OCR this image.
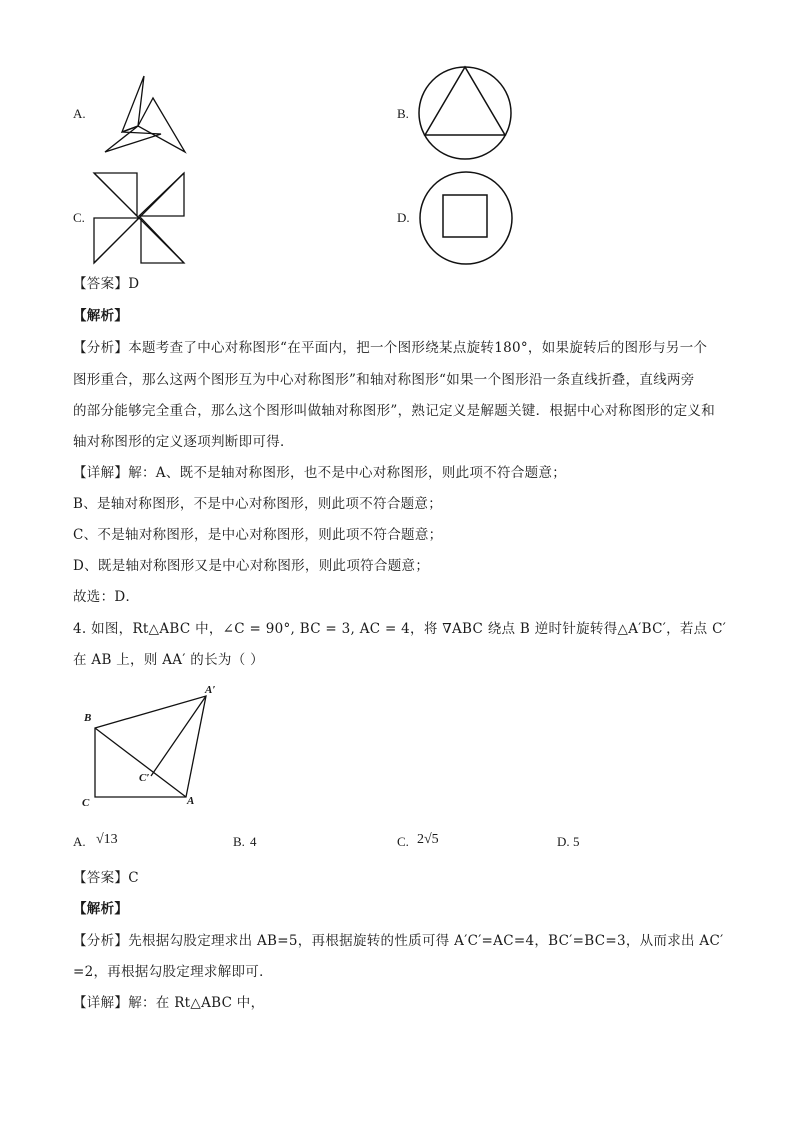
A.	B.
C.	D.
【答案】D
【解析】
【分析】本题考查了中心对称图形“在平面内，把一个图形绕某点旋转180°，如果旋转后的图形与另一个
图形重合，那么这两个图形互为中心对称图形”和轴对称图形“如果一个图形沿一条直线折叠，直线两旁
的部分能够完全重合，那么这个图形叫做轴对称图形”，熟记定义是解题关键．根据中心对称图形的定义和
轴对称图形的定义逐项判断即可得．
【详解】解：A、既不是轴对称图形，也不是中心对称图形，则此项不符合题意；
B、是轴对称图形，不是中心对称图形，则此项不符合题意；
C、不是轴对称图形，是中心对称图形，则此项不符合题意；
D、既是轴对称图形又是中心对称图形，则此项符合题意；
故选：D．
4. 如图，Rt△ABC 中，∠C = 90°, BC = 3, AC = 4，将 ∇ABC 绕点 B 逆时针旋转得△A′BC′，若点 C′
在 AB 上，则 AA′ 的长为（ ）
B
A′
C′
A
C
A. √13	B. 4	C. 2√5	D. 5
【答案】C
【解析】
【分析】先根据勾股定理求出 AB=5，再根据旋转的性质可得 A′C′=AC=4，BC′=BC=3，从而求出 AC′
=2，再根据勾股定理求解即可．
【详解】解：在 Rt△ABC 中，
